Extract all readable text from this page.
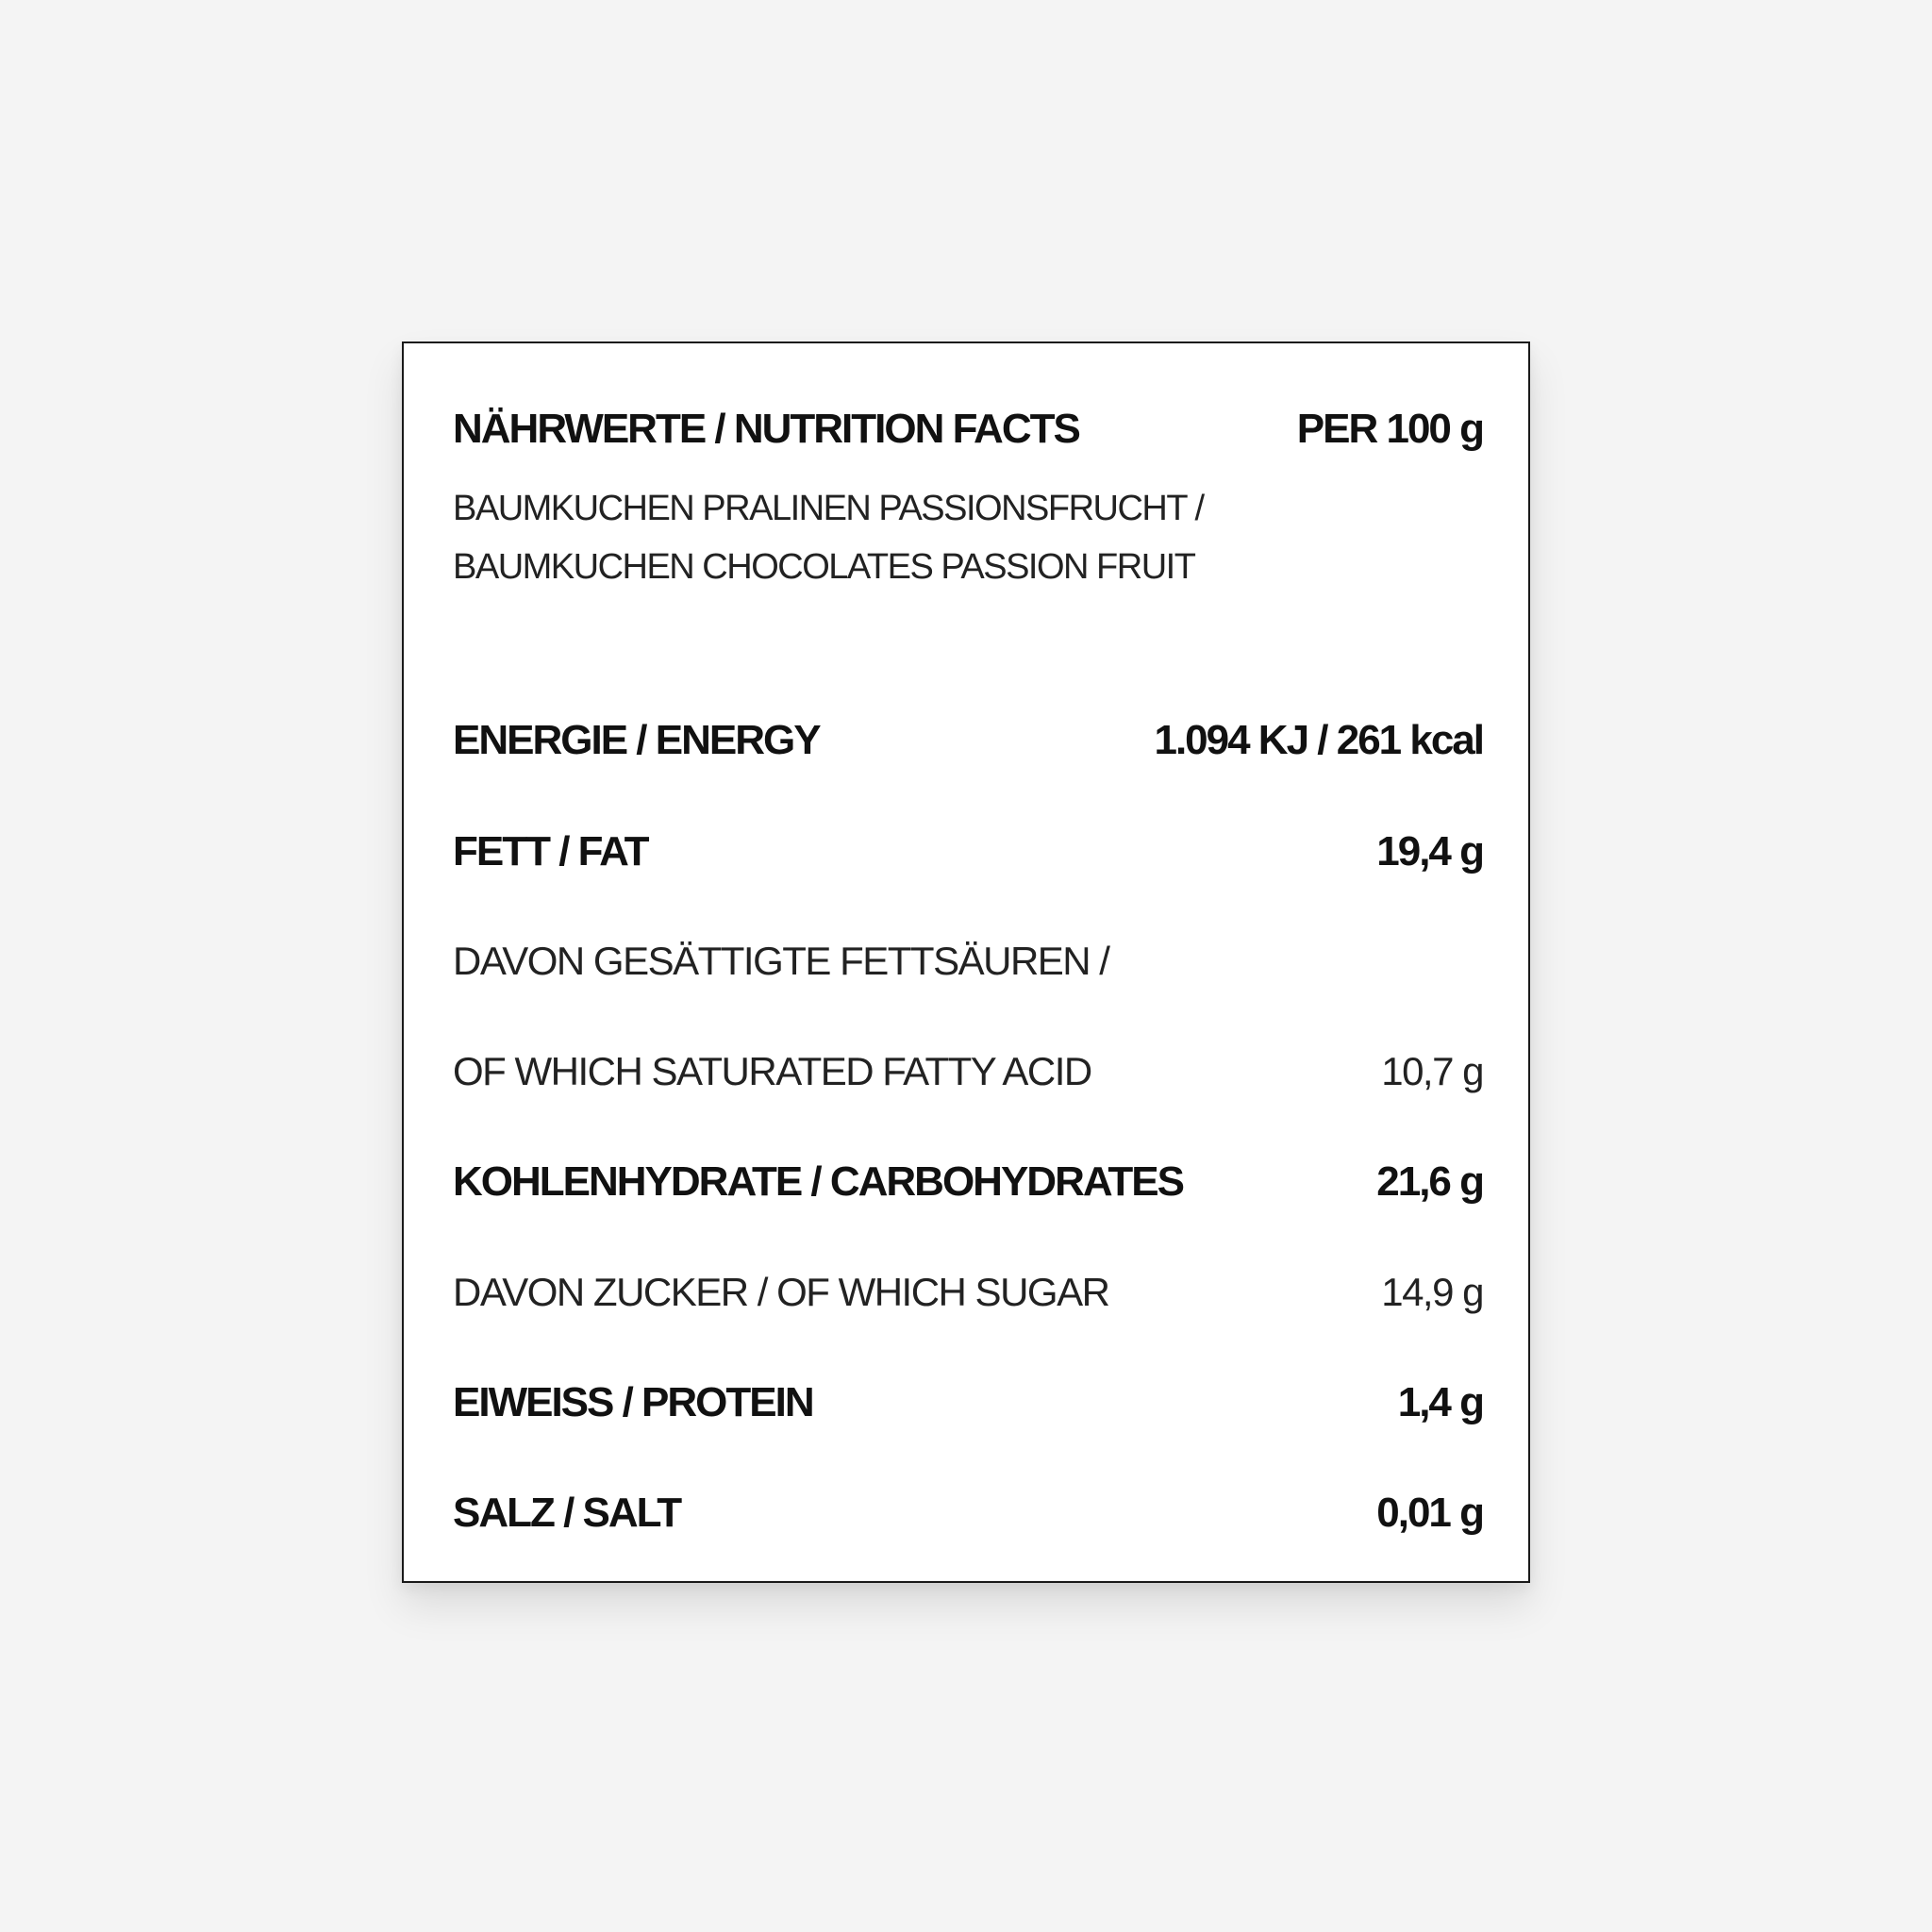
NÄHRWERTE / NUTRITION FACTS	PER 100 g
BAUMKUCHEN PRALINEN PASSIONSFRUCHT /
BAUMKUCHEN CHOCOLATES PASSION FRUIT
ENERGIE / ENERGY	1.094 KJ / 261 kcal
FETT / FAT	19,4 g
DAVON GESÄTTIGTE FETTSÄUREN /
OF WHICH SATURATED FATTY ACID	10,7 g
KOHLENHYDRATE / CARBOHYDRATES	21,6 g
DAVON ZUCKER / OF WHICH SUGAR	14,9 g
EIWEISS / PROTEIN	1,4 g
SALZ / SALT	0,01 g
